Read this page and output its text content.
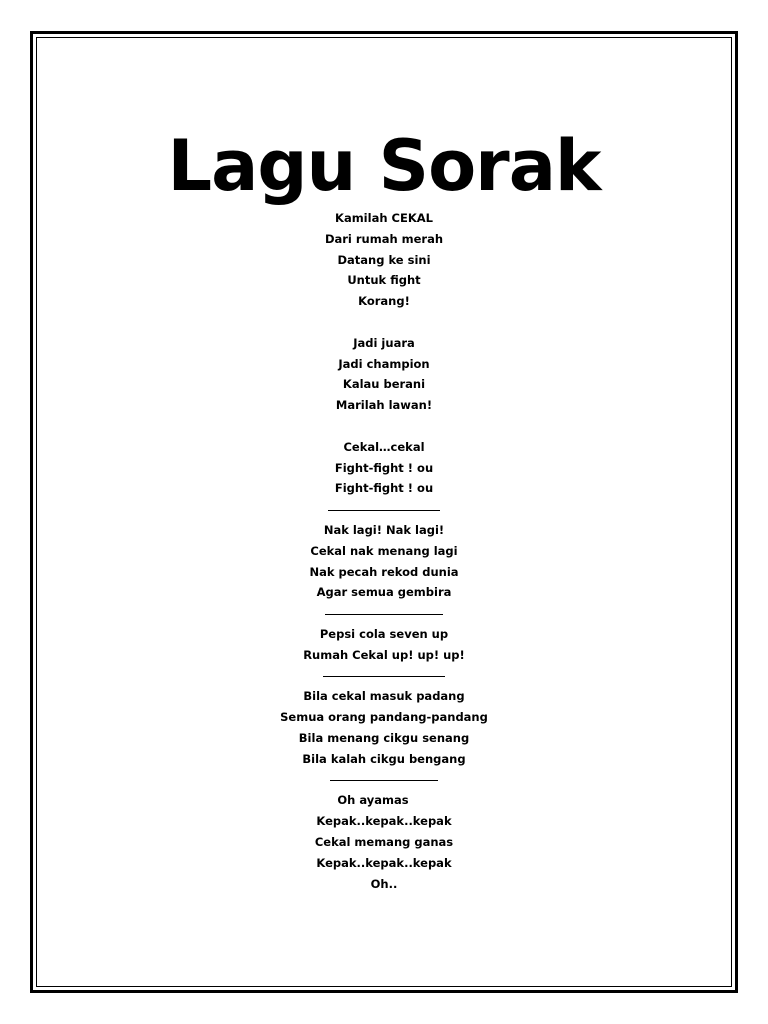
Lagu Sorak
Kamilah CEKAL
Dari rumah merah
Datang ke sini
Untuk fight
Korang!
Jadi juara
Jadi champion
Kalau berani
Marilah lawan!
Cekal…cekal
Fight-fight ! ou
Fight-fight ! ou
Nak lagi! Nak lagi!
Cekal nak menang lagi
Nak pecah rekod dunia
Agar semua gembira
Pepsi cola seven up
Rumah Cekal up! up! up!
Bila cekal masuk padang
Semua orang pandang-pandang
Bila menang cikgu senang
Bila kalah cikgu bengang
Oh ayamas
Kepak..kepak..kepak
Cekal memang ganas
Kepak..kepak..kepak
Oh..
